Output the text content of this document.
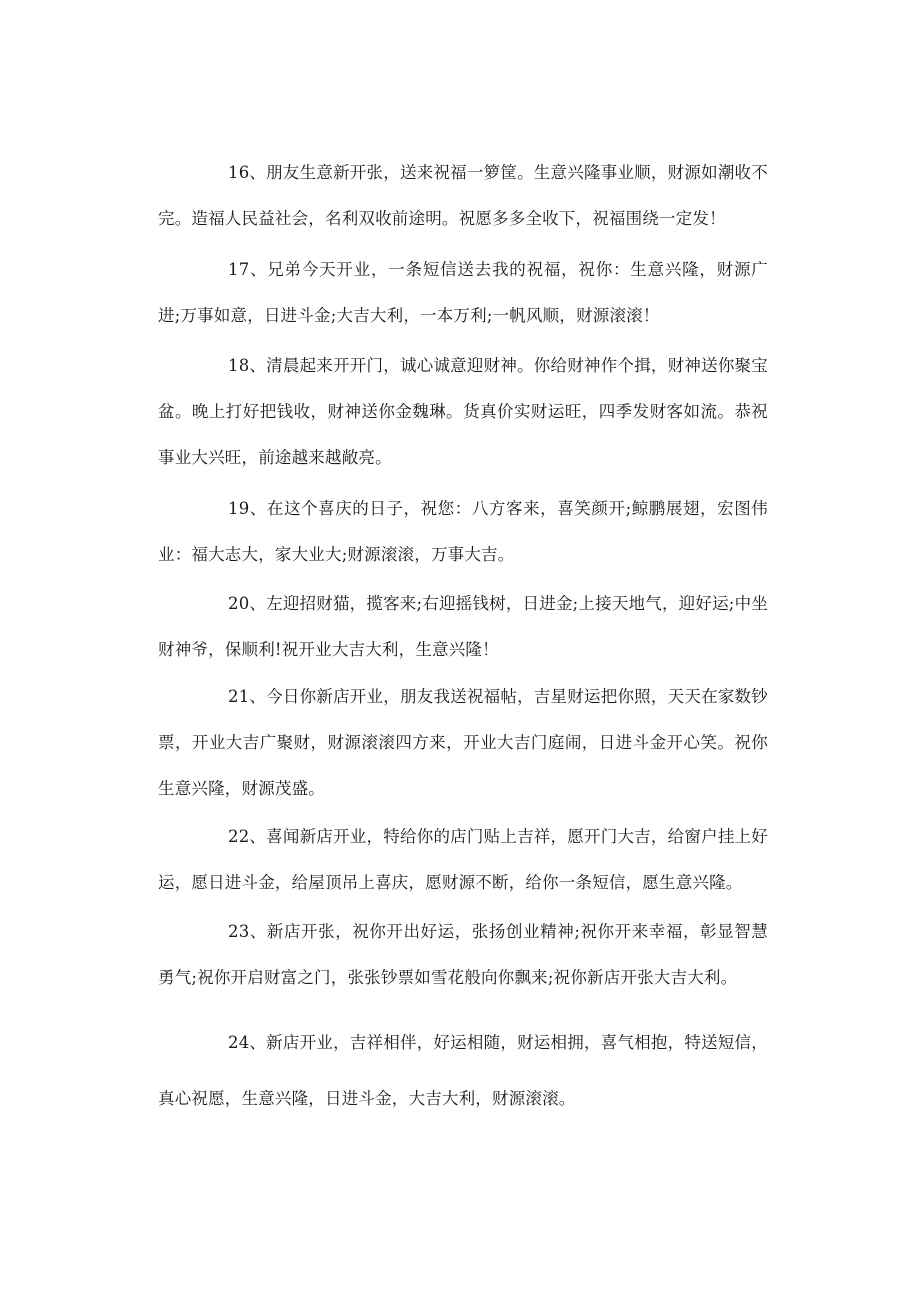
16、朋友生意新开张，送来祝福一箩筐。生意兴隆事业顺，财源如潮收不完。造福人民益社会，名利双收前途明。祝愿多多全收下，祝福围绕一定发！

17、兄弟今天开业，一条短信送去我的祝福，祝你：生意兴隆，财源广进;万事如意，日进斗金;大吉大利，一本万利;一帆风顺，财源滚滚！

18、清晨起来开开门，诚心诚意迎财神。你给财神作个揖，财神送你聚宝盆。晚上打好把钱收，财神送你金魏琳。货真价实财运旺，四季发财客如流。恭祝事业大兴旺，前途越来越敞亮。

19、在这个喜庆的日子，祝您：八方客来，喜笑颜开;鲸鹏展翅，宏图伟业：福大志大，家大业大;财源滚滚，万事大吉。

20、左迎招财猫，揽客来;右迎摇钱树，日进金;上接天地气，迎好运;中坐财神爷，保顺利!祝开业大吉大利，生意兴隆！

21、今日你新店开业，朋友我送祝福帖，吉星财运把你照，天天在家数钞票，开业大吉广聚财，财源滚滚四方来，开业大吉门庭闹，日进斗金开心笑。祝你生意兴隆，财源茂盛。

22、喜闻新店开业，特给你的店门贴上吉祥，愿开门大吉，给窗户挂上好运，愿日进斗金，给屋顶吊上喜庆，愿财源不断，给你一条短信，愿生意兴隆。

23、新店开张，祝你开出好运，张扬创业精神;祝你开来幸福，彰显智慧勇气;祝你开启财富之门，张张钞票如雪花般向你飘来;祝你新店开张大吉大利。

24、新店开业，吉祥相伴，好运相随，财运相拥，喜气相抱，特送短信，真心祝愿，生意兴隆，日进斗金，大吉大利，财源滚滚。
